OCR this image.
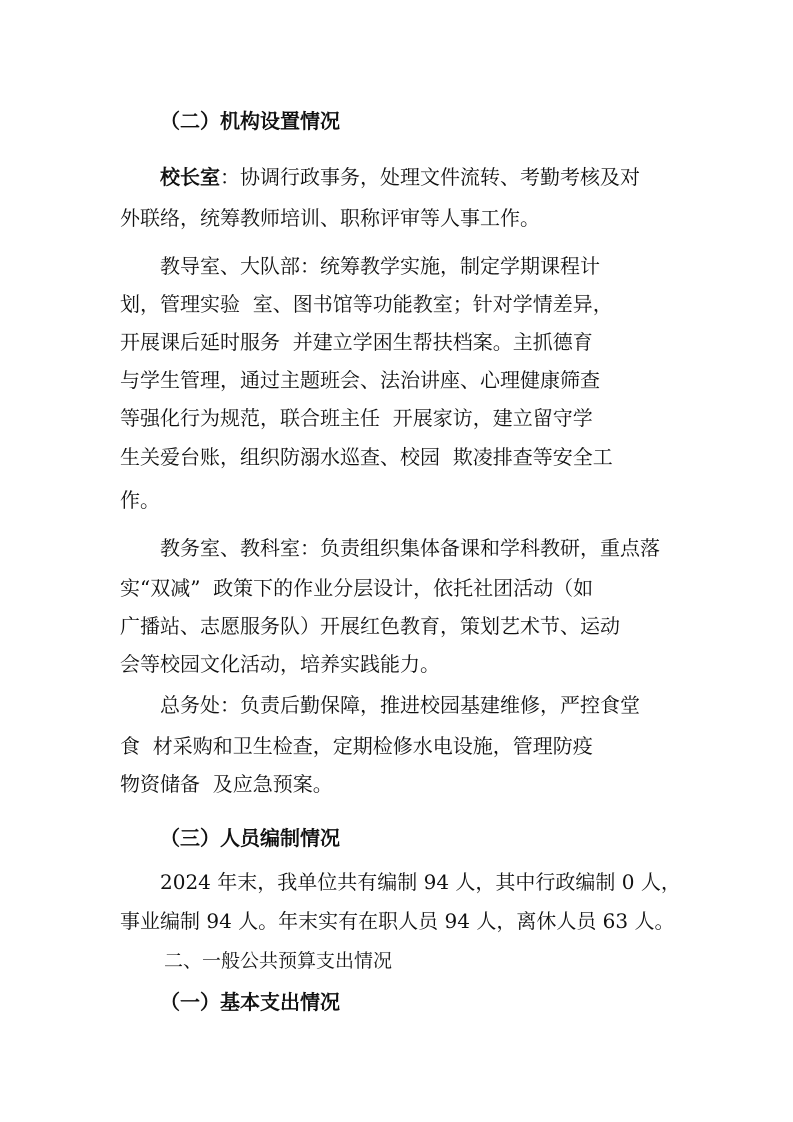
（二）机构设置情况
校长室：协调行政事务，处理文件流转、考勤考核及对
外联络，统筹教师培训、职称评审等人事工作。
教导室、大队部：统筹教学实施，制定学期课程计
划，管理实验  室、图书馆等功能教室；针对学情差异，
开展课后延时服务  并建立学困生帮扶档案。主抓德育
与学生管理，通过主题班会、法治讲座、心理健康筛查
等强化行为规范，联合班主任  开展家访，建立留守学
生关爱台账，组织防溺水巡查、校园  欺凌排查等安全工
作。
教务室、教科室：负责组织集体备课和学科教研，重点落
实“双减”  政策下的作业分层设计，依托社团活动（如
广播站、志愿服务队）开展红色教育，策划艺术节、运动
会等校园文化活动，培养实践能力。
总务处：负责后勤保障，推进校园基建维修，严控食堂
食  材采购和卫生检查，定期检修水电设施，管理防疫
物资储备  及应急预案。
（三）人员编制情况
2024 年末，我单位共有编制 94 人，其中行政编制 0 人，
事业编制 94 人。年末实有在职人员 94 人，离休人员 63 人。
二、一般公共预算支出情况
（一）基本支出情况
